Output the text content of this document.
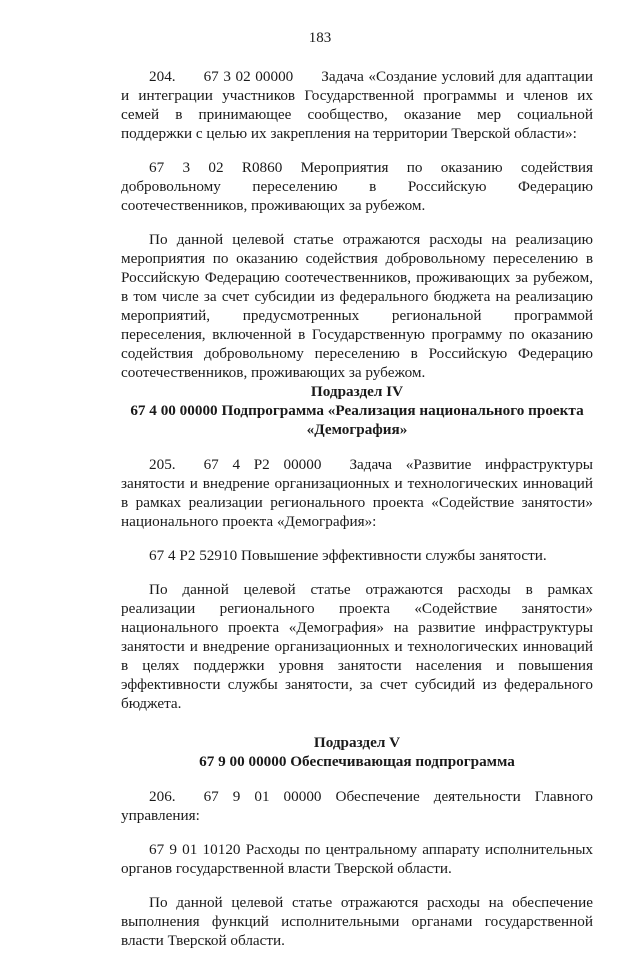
183

204. 67 3 02 00000 Задача «Создание условий для адаптации и интеграции участников Государственной программы и членов их семей в принимающее сообщество, оказание мер социальной поддержки с целью их закрепления на территории Тверской области»:

67 3 02 R0860 Мероприятия по оказанию содействия добровольному переселению в Российскую Федерацию соотечественников, проживающих за рубежом.

По данной целевой статье отражаются расходы на реализацию мероприятия по оказанию содействия добровольному переселению в Российскую Федерацию соотечественников, проживающих за рубежом, в том числе за счет субсидии из федерального бюджета на реализацию мероприятий, предусмотренных региональной программой переселения, включенной в Государственную программу по оказанию содействия добровольному переселению в Российскую Федерацию соотечественников, проживающих за рубежом.

Подраздел IV
67 4 00 00000 Подпрограмма «Реализация национального проекта «Демография»

205. 67 4 P2 00000 Задача «Развитие инфраструктуры занятости и внедрение организационных и технологических инноваций в рамках реализации регионального проекта «Содействие занятости» национального проекта «Демография»:

67 4 P2 52910 Повышение эффективности службы занятости.

По данной целевой статье отражаются расходы в рамках реализации регионального проекта «Содействие занятости» национального проекта «Демография» на развитие инфраструктуры занятости и внедрение организационных и технологических инноваций в целях поддержки уровня занятости населения и повышения эффективности службы занятости, за счет субсидий из федерального бюджета.

Подраздел V
67 9 00 00000 Обеспечивающая подпрограмма

206. 67 9 01 00000 Обеспечение деятельности Главного управления:

67 9 01 10120 Расходы по центральному аппарату исполнительных органов государственной власти Тверской области.

По данной целевой статье отражаются расходы на обеспечение выполнения функций исполнительными органами государственной власти Тверской области.
